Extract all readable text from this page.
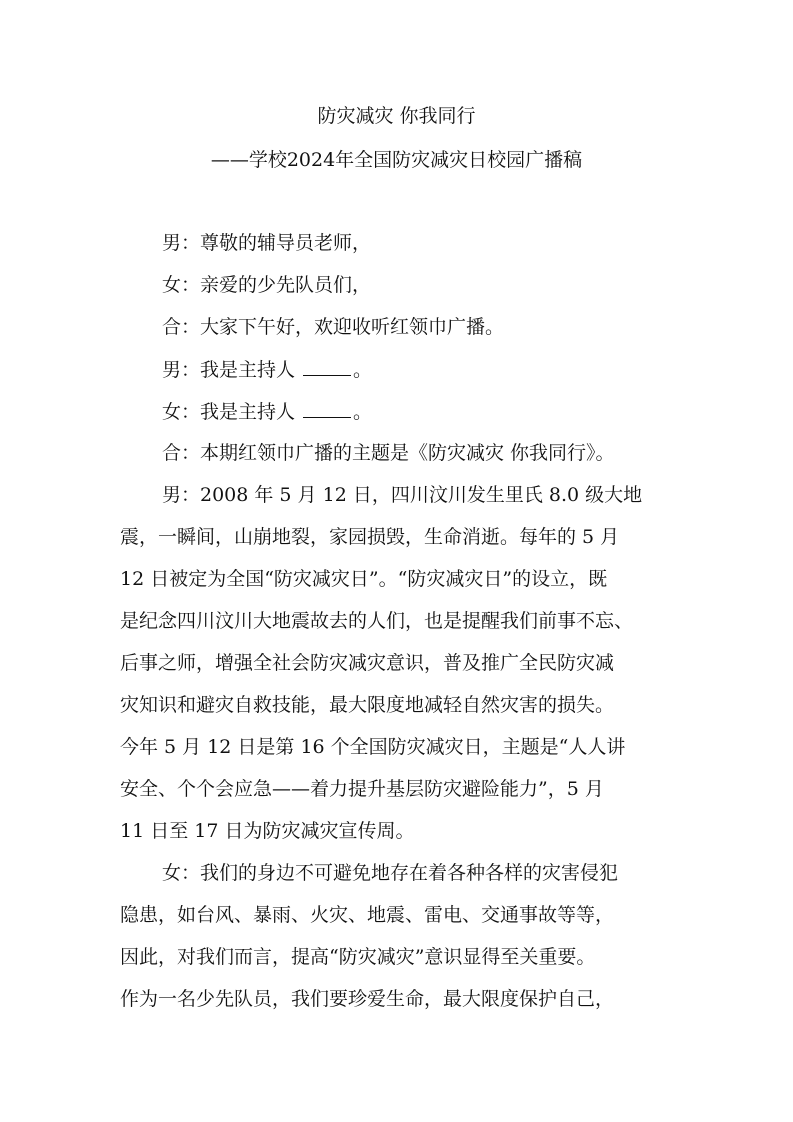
防灾减灾 你我同行
——学校2024年全国防灾减灾日校园广播稿
男：尊敬的辅导员老师，
女：亲爱的少先队员们，
合：大家下午好，欢迎收听红领巾广播。
男：我是主持人	。
女：我是主持人	。
合：本期红领巾广播的主题是《防灾减灾 你我同行》。
男：2008 年 5 月 12 日，四川汶川发生里氏 8.0 级大地
震，一瞬间，山崩地裂，家园损毁，生命消逝。每年的 5 月
12 日被定为全国“防灾减灾日”。“防灾减灾日”的设立，既
是纪念四川汶川大地震故去的人们，也是提醒我们前事不忘、
后事之师，增强全社会防灾减灾意识，普及推广全民防灾减
灾知识和避灾自救技能，最大限度地减轻自然灾害的损失。
今年 5 月 12 日是第 16 个全国防灾减灾日，主题是“人人讲
安全、个个会应急——着力提升基层防灾避险能力”，5 月
11 日至 17 日为防灾减灾宣传周。
女：我们的身边不可避免地存在着各种各样的灾害侵犯
隐患，如台风、暴雨、火灾、地震、雷电、交通事故等等，
因此，对我们而言，提高“防灾减灾”意识显得至关重要。
作为一名少先队员，我们要珍爱生命，最大限度保护自己，
